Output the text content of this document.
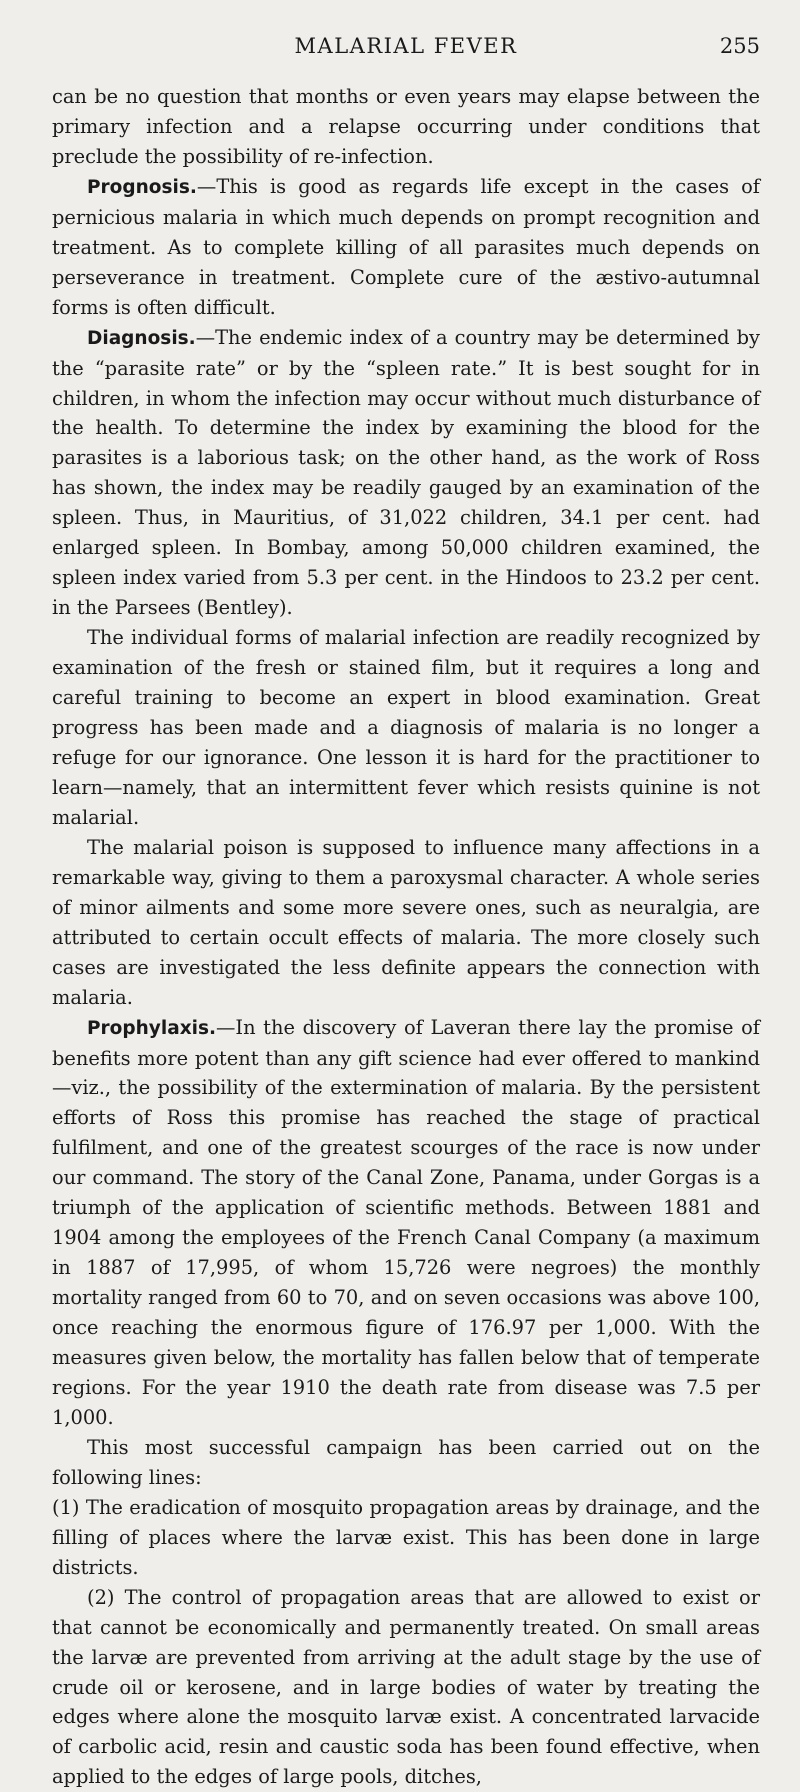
MALARIAL FEVER	255

can be no question that months or even years may elapse between the primary infection and a relapse occurring under conditions that preclude the possibility of re-infection.

Prognosis.—This is good as regards life except in the cases of pernicious malaria in which much depends on prompt recognition and treatment. As to complete killing of all parasites much depends on perseverance in treatment. Complete cure of the æstivo-autumnal forms is often difficult.

Diagnosis.—The endemic index of a country may be determined by the “parasite rate” or by the “spleen rate.” It is best sought for in children, in whom the infection may occur without much disturbance of the health. To determine the index by examining the blood for the parasites is a laborious task; on the other hand, as the work of Ross has shown, the index may be readily gauged by an examination of the spleen. Thus, in Mauritius, of 31,022 children, 34.1 per cent. had enlarged spleen. In Bombay, among 50,000 children examined, the spleen index varied from 5.3 per cent. in the Hindoos to 23.2 per cent. in the Parsees (Bentley).

The individual forms of malarial infection are readily recognized by examination of the fresh or stained film, but it requires a long and careful training to become an expert in blood examination. Great progress has been made and a diagnosis of malaria is no longer a refuge for our ignorance. One lesson it is hard for the practitioner to learn—namely, that an intermittent fever which resists quinine is not malarial.

The malarial poison is supposed to influence many affections in a remarkable way, giving to them a paroxysmal character. A whole series of minor ailments and some more severe ones, such as neuralgia, are attributed to certain occult effects of malaria. The more closely such cases are investigated the less definite appears the connection with malaria.

Prophylaxis.—In the discovery of Laveran there lay the promise of benefits more potent than any gift science had ever offered to mankind—viz., the possibility of the extermination of malaria. By the persistent efforts of Ross this promise has reached the stage of practical fulfilment, and one of the greatest scourges of the race is now under our command. The story of the Canal Zone, Panama, under Gorgas is a triumph of the application of scientific methods. Between 1881 and 1904 among the employees of the French Canal Company (a maximum in 1887 of 17,995, of whom 15,726 were negroes) the monthly mortality ranged from 60 to 70, and on seven occasions was above 100, once reaching the enormous figure of 176.97 per 1,000. With the measures given below, the mortality has fallen below that of temperate regions. For the year 1910 the death rate from disease was 7.5 per 1,000.

This most successful campaign has been carried out on the following lines:

(1) The eradication of mosquito propagation areas by drainage, and the filling of places where the larvæ exist. This has been done in large districts.

(2) The control of propagation areas that are allowed to exist or that cannot be economically and permanently treated. On small areas the larvæ are prevented from arriving at the adult stage by the use of crude oil or kerosene, and in large bodies of water by treating the edges where alone the mosquito larvæ exist. A concentrated larvacide of carbolic acid, resin and caustic soda has been found effective, when applied to the edges of large pools, ditches,
